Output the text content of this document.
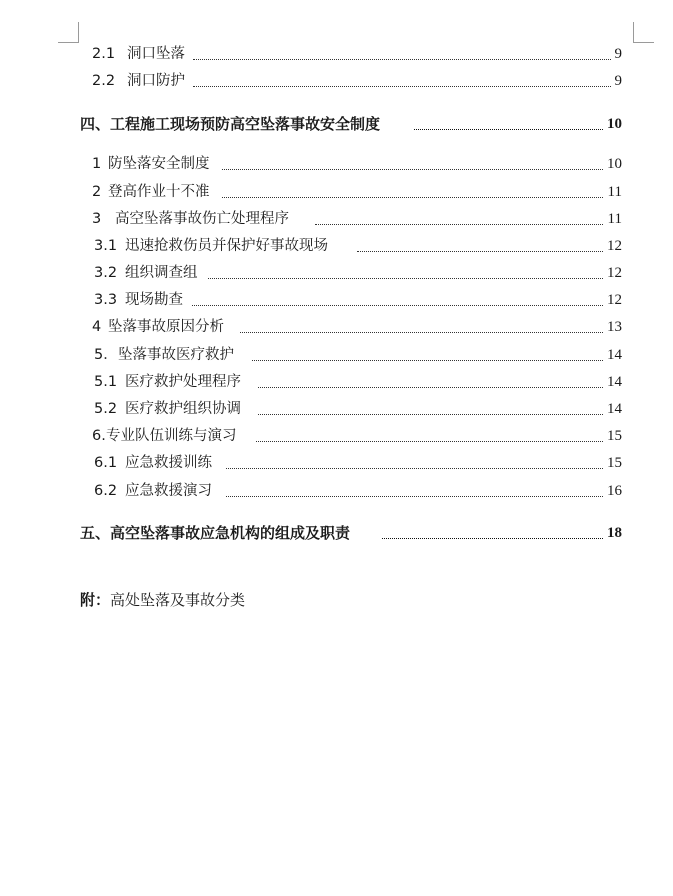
2.1 洞口坠落	9
2.2 洞口防护	9
四、工程施工现场预防高空坠落事故安全制度	10
1 防坠落安全制度	10
2 登高作业十不准	11
3 高空坠落事故伤亡处理程序	11
3.1 迅速抢救伤员并保护好事故现场	12
3.2 组织调查组	12
3.3 现场勘查	12
4 坠落事故原因分析	13
5． 坠落事故医疗救护	14
5.1 医疗救护处理程序	14
5.2 医疗救护组织协调	14
6. 专业队伍训练与演习	15
6.1 应急救援训练	15
6.2 应急救援演习	16
五、高空坠落事故应急机构的组成及职责	18
附：高处坠落及事故分类
